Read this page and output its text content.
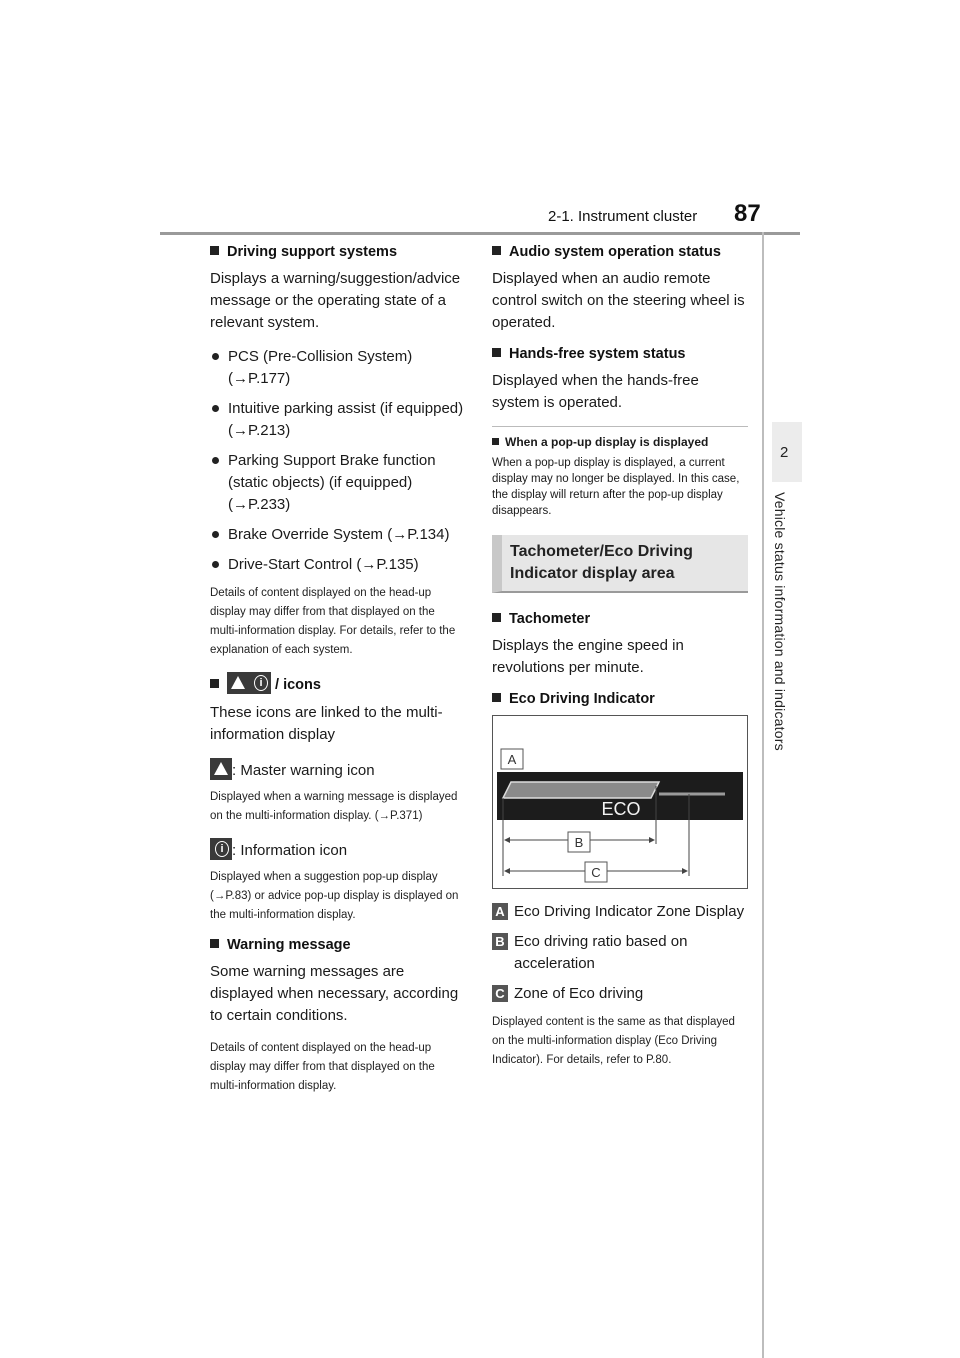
2-1. Instrument cluster 87
2
Vehicle status information and indicators
Driving support systems
Displays a warning/suggestion/advice message or the operating state of a relevant system.
PCS (Pre-Collision System) (→P.177)
Intuitive parking assist (if equipped) (→P.213)
Parking Support Brake function (static objects) (if equipped) (→P.233)
Brake Override System (→P.134)
Drive-Start Control (→P.135)
Details of content displayed on the head-up display may differ from that displayed on the multi-information display. For details, refer to the explanation of each system.
i / icons
These icons are linked to the multi-information display
: Master warning icon
Displayed when a warning message is displayed on the multi-information display. (→P.371)
i: Information icon
Displayed when a suggestion pop-up display (→P.83) or advice pop-up display is displayed on the multi-information display.
Warning message
Some warning messages are displayed when necessary, according to certain conditions.
Details of content displayed on the head-up display may differ from that displayed on the multi-information display.
Audio system operation status
Displayed when an audio remote control switch on the steering wheel is operated.
Hands-free system status
Displayed when the hands-free system is operated.
When a pop-up display is displayed
When a pop-up display is displayed, a current display may no longer be displayed. In this case, the display will return after the pop-up display disappears.
Tachometer/Eco Driving Indicator display area
Tachometer
Displays the engine speed in revolutions per minute.
Eco Driving Indicator
A
ECO
B
C
A Eco Driving Indicator Zone Display
B Eco driving ratio based on acceleration
C Zone of Eco driving
Displayed content is the same as that displayed on the multi-information display (Eco Driving Indicator). For details, refer to P.80.
